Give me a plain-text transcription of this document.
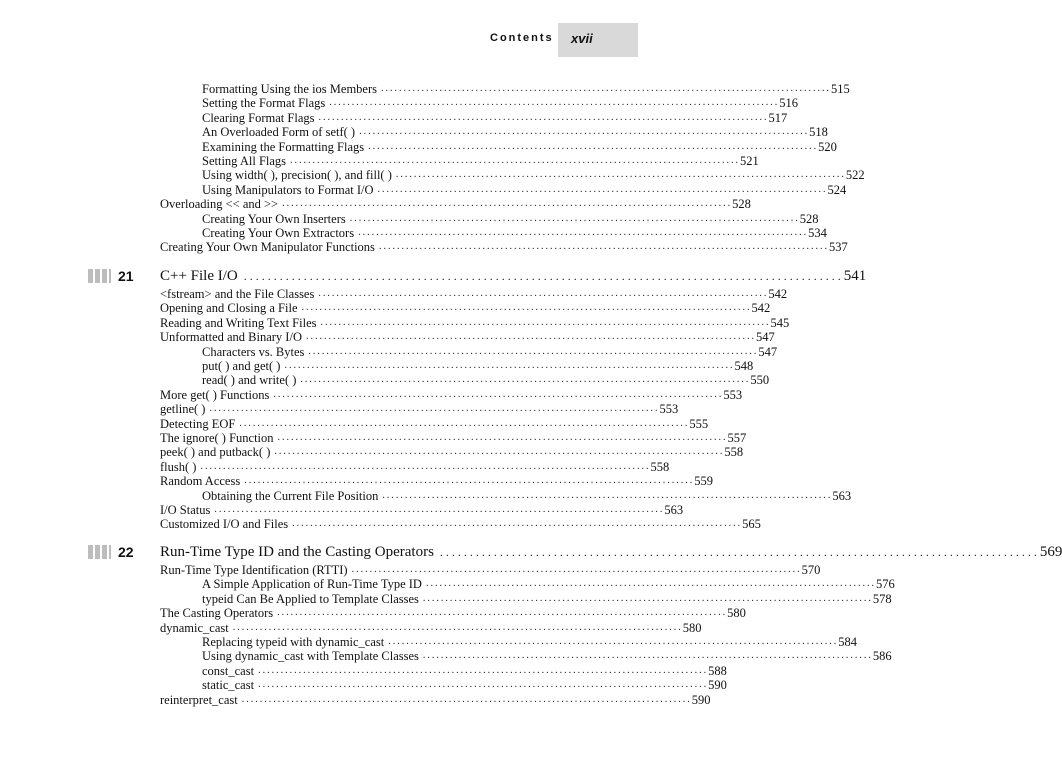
Contents xvii
Formatting Using the ios Members .................................................................................................... 515
Setting the Format Flags .................................................................................................... 516
Clearing Format Flags .................................................................................................... 517
An Overloaded Form of setf( ) .................................................................................................... 518
Examining the Formatting Flags .................................................................................................... 520
Setting All Flags .................................................................................................... 521
Using width( ), precision( ), and fill( ) .................................................................................................... 522
Using Manipulators to Format I/O .................................................................................................... 524
Overloading << and >> .................................................................................................... 528
Creating Your Own Inserters .................................................................................................... 528
Creating Your Own Extractors .................................................................................................... 534
Creating Your Own Manipulator Functions .................................................................................................... 537
21 C++ File I/O .................................................................................................... 541
<fstream> and the File Classes .................................................................................................... 542
Opening and Closing a File .................................................................................................... 542
Reading and Writing Text Files .................................................................................................... 545
Unformatted and Binary I/O .................................................................................................... 547
Characters vs. Bytes .................................................................................................... 547
put( ) and get( ) .................................................................................................... 548
read( ) and write( ) .................................................................................................... 550
More get( ) Functions .................................................................................................... 553
getline( ) .................................................................................................... 553
Detecting EOF .................................................................................................... 555
The ignore( ) Function .................................................................................................... 557
peek( ) and putback( ) .................................................................................................... 558
flush( ) .................................................................................................... 558
Random Access .................................................................................................... 559
Obtaining the Current File Position .................................................................................................... 563
I/O Status .................................................................................................... 563
Customized I/O and Files .................................................................................................... 565
22 Run-Time Type ID and the Casting Operators .................................................................................................... 569
Run-Time Type Identification (RTTI) .................................................................................................... 570
A Simple Application of Run-Time Type ID .................................................................................................... 576
typeid Can Be Applied to Template Classes .................................................................................................... 578
The Casting Operators .................................................................................................... 580
dynamic_cast .................................................................................................... 580
Replacing typeid with dynamic_cast .................................................................................................... 584
Using dynamic_cast with Template Classes .................................................................................................... 586
const_cast .................................................................................................... 588
static_cast .................................................................................................... 590
reinterpret_cast .................................................................................................... 590
